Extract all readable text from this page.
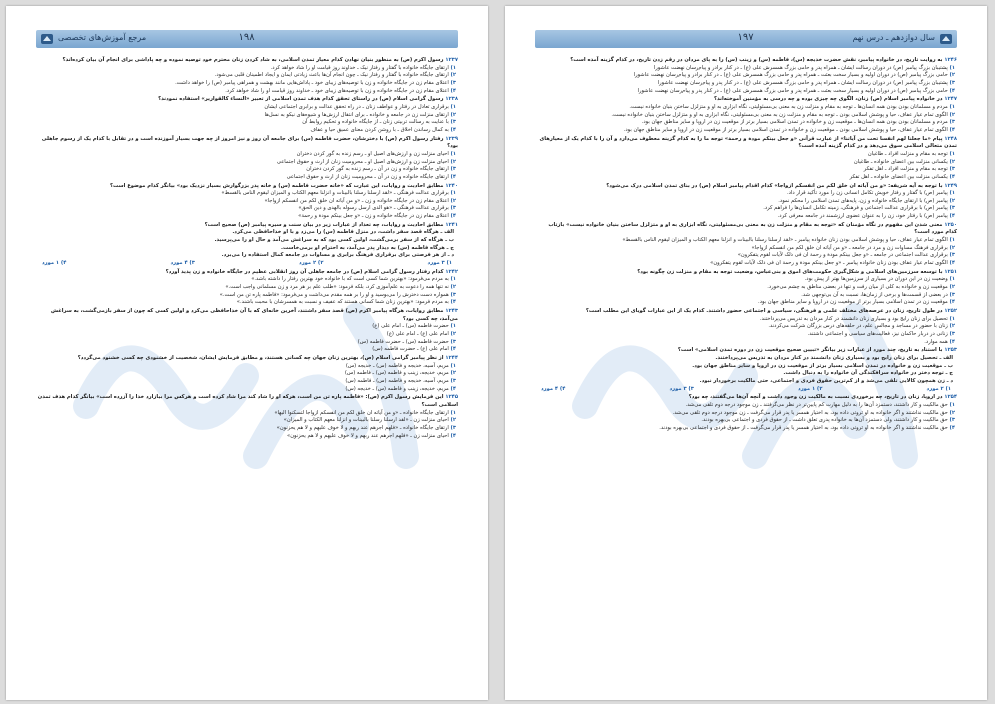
مرجع آموزش‌های تخصصی	۱۹۸
۱۲۳۷ رسول اکرم (ص) به منظور بنیان نهادن کدام معیار تمدن اسلامی، به شاد کردن زنان محترم خود توصیه نموده و چه پاداشی برای انجام آن بیان کرده‌اند؟
۱) ارتقای جایگاه خانواده با گفتار و رفتار نیک ـ خداوند روز قیامت او را شاد خواهد کرد.
۲) ارتقای جایگاه خانواده با گفتار و رفتار نیک ـ چون انجام آن‌ها باعث زیادتی ایمان و ایجاد اطمینان قلبی می‌شود.
۳) اعتلای مقام زن در جایگاه خانواده و زن با توصیه‌های زیبای خود ـ پاداش‌هایی مانند بهشت و همراهی پیامبر (ص) را خواهد داشت.
۴) اعتلای مقام زن در جایگاه خانواده و زن با توصیه‌های زیبای خود ـ خداوند روز قیامت او را شاد خواهد کرد.
۱۲۳۸ رسول گرامی اسلام (ص) در راستای تحقق کدام هدف تمدن اسلامی از تعبیر «النساء کالقوارير» استفاده نمودند؟
۱) برقراری تعادل در رفتار و عواطف زنان ـ در راه تحقق عدالت و برابری اجتماعی ایشان
۲) ارتقای منزلت زن در جامعه و خانواده ـ برای انتقال ارزش‌ها و شیوه‌های نیکو به نسل‌ها
۳) با عنایت به رسالت تربیتی زنان ـ از جایگاه خانواده و تحکیم روابط آن
۴) به کمال رساندن اخلاق ـ با روشن کردن معنای عمیق حیا و عفاف
۱۲۳۹ رفتار رسول اکرم (ص) با دخترشان، حضرت فاطمه (س) برای جامعه آن روز و نیز امروز از چه جهت بسیار آموزنده است و در تقابل با کدام یک از رسوم جاهلی بود؟
۱) احیای منزلت زن و ارزش‌های اصیل او ـ رسم زنده به گور کردن دختران
۲) احیای منزلت زن و ارزش‌های اصیل او ـ محرومیت زنان از ارث و حقوق اجتماعی
۳) ارتقای جایگاه خانواده و زن در آن ـ رسم زنده به گور کردن دختران
۴) ارتقای جایگاه خانواده و زن در آن ـ محرومیت زنان از ارث و حقوق اجتماعی
۱۲۴۰ مطابق احادیث و روایات، این عبارت که «خانه حضرت فاطمه (س) و خانه پدر بزرگوارش بسیار نزدیک بود» بیانگر کدام موضوع است؟
۱) برقراری عدالت فرهنگی ـ «لقد ارسلنا رسلنا بالبینات و انزلنا معهم الکتاب و المیزان لیقوم الناس بالقسط»
۲) اعتلای مقام زن در جایگاه خانواده و زن ـ «و من آیاته ان خلق لکم من انفسکم ازواجا»
۳) برقراری عدالت فرهنگی ـ «هو الذی ارسل رسوله بالهدی و دین الحق»
۴) اعتلای مقام زن در جایگاه خانواده و زن ـ «و جعل بینکم مودة و رحمة»
۱۲۴۱ مطابق احادیث و روایات، چه تعداد از عبارات زیر در بیان سنت و سیره پیامبر (ص) صحیح است؟
الف ـ هرگاه قصد سفر داشت، در منزل فاطمه (س) را می‌زد و با او خداحافظی می‌کرد.
ب ـ هرگاه که از سفر برمی‌گشت، اولین کسی بود که به سراغش می‌آمد و حال او را می‌پرسید.
ج ـ هرگاه فاطمه (س) به دیدار پدر می‌آمد، به احترام او برمی‌خاست.
د ـ از هر فرصتی برای برقراری فرهنگ برابری و مساوات در جامعه کمال استفاده را می‌برد.
۱) ۳ مورد
۲) ۲ مورد
۳) ۴ مورد
۴) ۱ مورد
۱۲۴۲ کدام رفتار رسول گرامی اسلام (ص) در جامعه جاهلی آن روز انقلابی عظیم در جایگاه خانواده و زن پدید آورد؟
۱) به مردم می‌فرمود: «بهترین شما کسی است که با خانواده خود بهترین رفتار را داشته باشد.»
۲) نه تنها همه را دعوت به علم‌آموزی کرد، بلکه فرمود: «طلب علم بر هر مرد و زن مسلمانی واجب است.»
۳) همواره دست دخترش را می‌بوسید و او را بر همه مقدم می‌داشت و می‌فرمود: «فاطمه پاره تن من است.»
۴) به مردم فرمود: «بهترین زنان شما کسانی هستند که عفیف و نسبت به همسرشان با محبت باشند.»
۱۲۴۳ مطابق روایات، هرگاه پیامبر اکرم (ص) قصد سفر داشتند، آخرین خانه‌ای که با آن خداحافظی می‌کرد و اولین کسی که چون از سفر بازمی‌گشت، به سراغش می‌آمد، چه کسی بود؟
۱) حضرت فاطمه (س) ـ امام علی (ع)
۲) امام علی (ع) ـ امام علی (ع)
۳) حضرت فاطمه (س) ـ حضرت فاطمه (س)
۴) امام علی (ع) ـ حضرت فاطمه (س)
۱۲۴۴ از نظر پیامبر گرامی اسلام (ص)، بهترین زنان جهان چه کسانی هستند، و مطابق فرمایش ایشان، شخصیت از خشنودی چه کسی خشنود می‌گردد؟
۱) مریم، آسیه، خدیجه و فاطمه (س) ـ خدیجه (س)
۲) مریم، خدیجه، زینب و فاطمه (س) ـ فاطمه (س)
۳) مریم، آسیه، خدیجه و فاطمه (س) ـ فاطمه (س)
۴) مریم، خدیجه، زینب و فاطمه (س) ـ خدیجه (س)
۱۲۴۵ این فرمایش رسول اکرم (ص): «فاطمه پاره تن من است، هرکه او را شاد کند مرا شاد کرده است و هرکس مرا بیازارد خدا را آزرده است» بیانگر کدام هدف تمدن اسلامی است؟
۱) ارتقای جایگاه خانواده ـ «و من آیاته ان خلق لکم من انفسکم ازواجا لتسکنوا الیها»
۲) احیای منزلت زن ـ «لقد ارسلنا رسلنا بالبینات و انزلنا معهم الکتاب و المیزان»
۳) ارتقای جایگاه خانواده ـ «فلهم اجرهم عند ربهم و لا خوف علیهم و لا هم یحزنون»
۴) احیای منزلت زن ـ «فلهم اجرهم عند ربهم و لا خوف علیهم و لا هم یحزنون»
سال دوازدهم ـ درس نهم
۱۹۷
۱۲۴۶ به روایت تاریخ، در خانواده پیامبر، نقش حضرت خدیجه (س)، فاطمه (س) و زینب (س) را به پای مردان در رقم زدن تاریخ، در کدام گزینه آمده است؟
۱) پشتیبان بزرگ پیامبر (ص) در دوران رسالت ایشان ـ همراه پدر و حامی بزرگ همسرش علی (ع) ـ در کنار برادر و پیام‌رسان نهضت عاشورا
۲) حامی بزرگ پیامبر (ص) در دوران اولیه و بسیار سخت بعثت ـ همراه پدر و حامی بزرگ همسرش علی (ع) ـ در کنار برادر و پیام‌رسان نهضت عاشورا
۳) پشتیبان بزرگ پیامبر (ص) در دوران رسالت ایشان ـ همراه پدر و حامی بزرگ همسرش علی (ع) ـ در کنار پدر و پیام‌رسان نهضت عاشورا
۴) حامی بزرگ پیامبر (ص) در دوران اولیه و بسیار سخت بعثت ـ همراه پدر و حامی بزرگ همسرش علی (ع) ـ در کنار پدر و پیام‌رسان نهضت عاشورا
۱۲۴۷ در خانواده پیامبر اسلام (ص) زنان، الگوی چه چیزی بوده و چه درسی به مؤمنین آموخته‌اند؟
۱) مردم و مسلمانان بودن بودن همه انسان‌ها ـ توجه به مقام و منزلت زن به معنی بی‌مسئولیتی، نگاه ابزاری به او و متزلزل ساختن بنیان خانواده نیست.
۲) الگوی تمام عیار عفاف، حیا و پوشش اسلامی بودن ـ توجه به مقام و منزلت زن به معنی بی‌مسئولیتی، نگاه ابزاری به او و متزلزل ساختن بنیان خانواده نیست.
۳) مردم و مسلمانان بودن بودن همه انسان‌ها ـ موقعیت زن و خانواده در تمدن اسلامی بسیار برتر از موقعیت زن در اروپا و سایر مناطق جهان بود.
۴) الگوی تمام عیار عفاف، حیا و پوشش اسلامی بودن ـ موقعیت زن و خانواده در تمدن اسلامی بسیار برتر از موقعیت زن در اروپا و سایر مناطق جهان بود.
۱۲۴۸ پیام «ما جعلنا لهم انفسا تحت من آیاتنا» از عبارت قرآنی «و جعل بینکم مودة و رحمة» توجه ما را به کدام گزینه معطوف می‌دارد و آن را با کدام یک از معیارهای تمدن متعالی اسلامی سوق می‌دهد و در کدام گزینه آمده است؟
۱) توجه به مقام و منزلت افراد ـ طاغیان
۲) یکسانی منزلت بین اعضای خانواده ـ طاغیان
۳) توجه به مقام و منزلت افراد ـ اهل تفکر
۴) یکسانی منزلت بین اعضای خانواده ـ اهل تفکر
۱۲۴۹ با توجه به آیه شریفه: «و من آیاته ان خلق لکم من انفسکم ازواجا» کدام اقدام پیامبر اسلام (ص) در بنای تمدن اسلامی درک می‌شود؟
۱) پیامبر (ص) با گفتار و رفتار خویش تکامل انسانی زن را مورد تأکید قرار داد.
۲) پیامبر (ص) با ارتقای جایگاه خانواده و زن، پایه‌های تمدن اسلامی را محکم نمود.
۳) پیامبر (ص) با برقراری عدالت اجتماعی و فرهنگی، زمینه تکامل انسان‌ها را فراهم کرد.
۴) پیامبر (ص) با رفتار خود، زن را به عنوان عضوی ارزشمند در جامعه معرفی کرد.
۱۲۵۰ معنی شدن این مفهوم در نگاه مؤمنان که «توجه به مقام و منزلت زن به معنی بی‌مسئولیتی، نگاه ابزاری به او و متزلزل ساختن بنیان خانواده نیست» بازتاب کدام مورد است؟
۱) الگوی تمام عیار عفاف، حیا و پوشش اسلامی بودن زنان خانواده پیامبر ـ «لقد ارسلنا رسلنا بالبینات و انزلنا معهم الکتاب و المیزان لیقوم الناس بالقسط»
۲) برقراری فرهنگ مساوات زن و مرد در جامعه ـ «و من آیاته ان خلق لکم من انفسکم ازواجا»
۳) برقراری عدالت اجتماعی در جامعه ـ «و جعل بینکم مودة و رحمة ان فی ذلک لآیات لقوم یتفکرون»
۴) الگوی تمام عیار عفاف بودن زنان خانواده پیامبر ـ «و جعل بینکم مودة و رحمة ان فی ذلک لآیات لقوم یتفکرون»
۱۲۵۱ با توسعه سرزمین‌های اسلامی و شکل‌گیری حکومت‌های اموی و بنی‌عباس، وضعیت توجه به مقام و منزلت زن چگونه بود؟
۱) وضعیت زن در این دوران در بسیاری از سرزمین‌ها بهتر از پیش بود.
۲) موقعیت زن و خانواده به کلی از میان رفت و تنها در بعضی مناطق به چشم می‌خورد.
۳) در بعضی از قسمت‌ها و برخی از زمان‌ها، نسبت به آن بی‌توجهی شد.
۴) موقعیت زن در تمدن اسلامی بسیار برتر از موقعیت زن در اروپا و سایر مناطق جهان بود.
۱۲۵۲ در طول تاریخ، زنان در عرصه‌های مختلف علمی و فرهنگی، سیاسی و اجتماعی حضور داشتند. کدام یک از این عبارات گویای این مطلب است؟
۱) تحصیل برای زنان رایج بود و بسیاری زنان دانشمند در کنار مردان به تدریس می‌پرداختند.
۲) زنان با حضور در مساجد و مجالس علم، در حلقه‌های درس بزرگان شرکت می‌کردند.
۳) زنانی در دربار حاکمان نیز، فعالیت‌های سیاسی و اجتماعی داشتند.
۴) همه موارد.
۱۲۵۳ با استناد به تاریخ، چند مورد از عبارات زیر بیانگر «تبیین صحیح موقعیت زن در دوره تمدن اسلامی» است؟
الف ـ تحصیل برای زنان رایج بود و بسیاری زنان دانشمند در کنار مردان به تدریس می‌پرداختند.
ب ـ موقعیت زن و خانواده در تمدن اسلامی بسیار برتر از موقعیت زن در اروپا و سایر مناطق جهان بود.
ج ـ توجه دختر در خانواده سرافکندگی آن خانواده را به دنبال داشت.
د ـ زن همچون کالایی تلقی می‌شد و از کم‌ترین حقوق فردی و اجتماعی، حتی مالکیت برخوردار نبود.
۱) ۲ مورد
۲) ۱ مورد
۳) ۳ مورد
۴) ۴ مورد
۱۲۵۴ در اروپا، زنان در تاریخ، چه برخوردی نسبت به مالکیت زن وجود داشت و آنچه آن‌ها می‌گفتند، چه بود؟
۱) حق مالکیت و کار داشتند، دستمزد آن‌ها را به دلیل مهارت کم پایین‌تر در نظر می‌گرفتند ـ زن موجود درجه دوم تلقی می‌شد.
۲) حق مالکیت نداشتند و اگر خانواده به او ثروتی داده بود، به اختیار همسر یا پدر قرار می‌گرفت ـ زن موجود درجه دوم تلقی می‌شد.
۳) حق مالکیت و کار داشتند، ولی دستمزد آن‌ها به خانواده پدری تعلق داشت ـ از حقوق فردی و اجتماعی بی‌بهره بودند.
۴) حق مالکیت نداشتند و اگر خانواده به او ثروتی داده بود، به اختیار همسر یا پدر قرار می‌گرفت ـ از حقوق فردی و اجتماعی بی‌بهره بودند.
